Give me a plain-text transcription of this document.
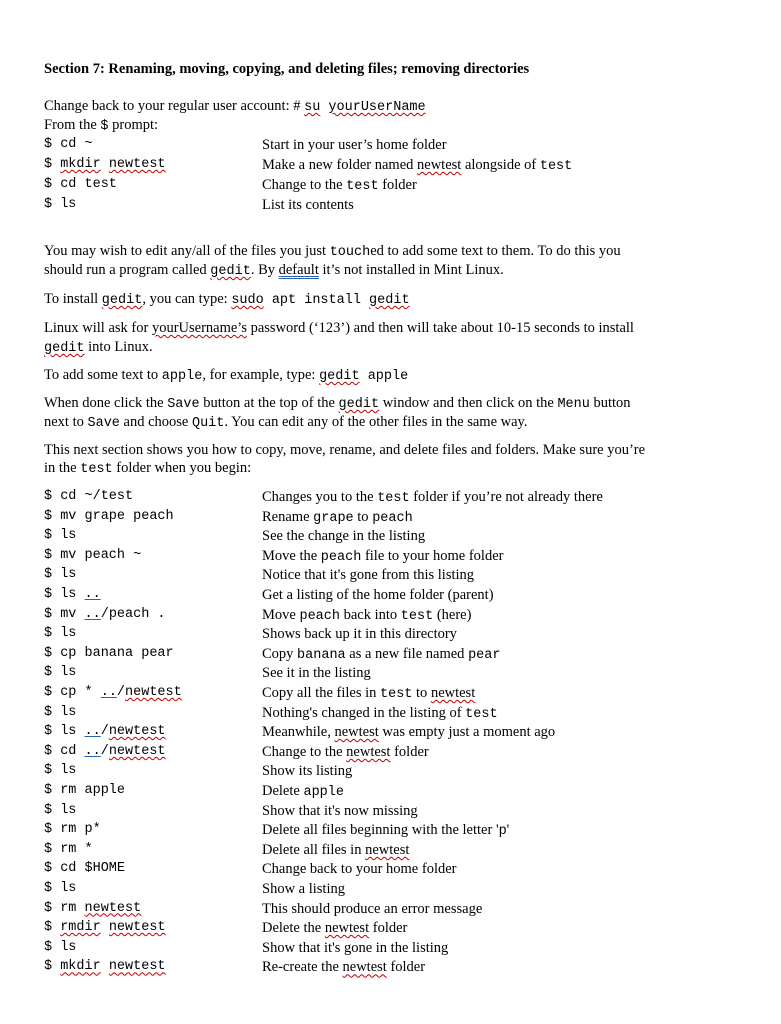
Section 7: Renaming, moving, copying, and deleting files; removing directories
Change back to your regular user account: # su yourUserName
From the $ prompt:
$ cd ~	Start in your user’s home folder
$ mkdir newtest	Make a new folder named newtest alongside of test
$ cd test	Change to the test folder
$ ls	List its contents
You may wish to edit any/all of the files you just touched to add some text to them. To do this you
should run a program called gedit. By default it’s not installed in Mint Linux.
To install gedit, you can type: sudo apt install gedit
Linux will ask for yourUsername’s password (‘123’) and then will take about 10-15 seconds to install
gedit into Linux.
To add some text to apple, for example, type: gedit apple
When done click the Save button at the top of the gedit window and then click on the Menu button
next to Save and choose Quit. You can edit any of the other files in the same way.
This next section shows you how to copy, move, rename, and delete files and folders. Make sure you’re
in the test folder when you begin:
$ cd ~/test	Changes you to the test folder if you’re not already there
$ mv grape peach	Rename grape to peach
$ ls	See the change in the listing
$ mv peach ~	Move the peach file to your home folder
$ ls	Notice that it's gone from this listing
$ ls ..	Get a listing of the home folder (parent)
$ mv ../peach .	Move peach back into test (here)
$ ls	Shows back up it in this directory
$ cp banana pear	Copy banana as a new file named pear
$ ls	See it in the listing
$ cp * ../newtest	Copy all the files in test to newtest
$ ls	Nothing's changed in the listing of test
$ ls ../newtest	Meanwhile, newtest was empty just a moment ago
$ cd ../newtest	Change to the newtest folder
$ ls	Show its listing
$ rm apple	Delete apple
$ ls	Show that it's now missing
$ rm p*	Delete all files beginning with the letter 'p'
$ rm *	Delete all files in newtest
$ cd $HOME	Change back to your home folder
$ ls	Show a listing
$ rm newtest	This should produce an error message
$ rmdir newtest	Delete the newtest folder
$ ls	Show that it's gone in the listing
$ mkdir newtest	Re-create the newtest folder
